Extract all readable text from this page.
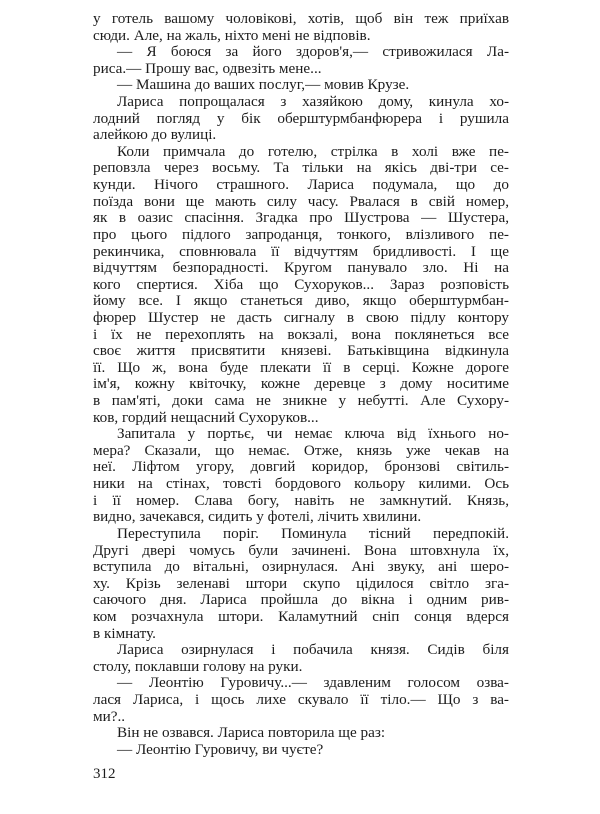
у готель вашому чоловікові, хотів, щоб він теж приїхав
сюди. Але, на жаль, ніхто мені не відповів.
— Я боюся за його здоров'я,— стривожилася Ла-
риса.— Прошу вас, одвезіть мене...
— Машина до ваших послуг,— мовив Крузе.
Лариса попрощалася з хазяйкою дому, кинула хо-
лодний погляд у бік оберштурмбанфюрера і рушила
алейкою до вулиці.
Коли примчала до готелю, стрілка в холі вже пе-
реповзла через восьму. Та тільки на якісь дві-три се-
кунди. Нічого страшного. Лариса подумала, що до
поїзда вони ще мають силу часу. Рвалася в свій номер,
як в оазис спасіння. Згадка про Шустрова — Шустера,
про цього підлого запроданця, тонкого, влізливого пе-
рекинчика, сповнювала її відчуттям бридливості. І ще
відчуттям безпорадності. Кругом панувало зло. Ні на
кого спертися. Хіба що Сухоруков... Зараз розповість
йому все. І якщо станеться диво, якщо оберштурмбан-
фюрер Шустер не дасть сигналу в свою підлу контору
і їх не перехоплять на вокзалі, вона поклянеться все
своє життя присвятити князеві. Батьківщина відкинула
її. Що ж, вона буде плекати її в серці. Кожне дороге
ім'я, кожну квіточку, кожне деревце з дому носитиме
в пам'яті, доки сама не зникне у небутті. Але Сухору-
ков, гордий нещасний Сухоруков...
Запитала у портьє, чи немає ключа від їхнього но-
мера? Сказали, що немає. Отже, князь уже чекав на
неї. Ліфтом угору, довгий коридор, бронзові світиль-
ники на стінах, товсті бордового кольору килими. Ось
і її номер. Слава богу, навіть не замкнутий. Князь,
видно, зачекався, сидить у фотелі, лічить хвилини.
Переступила поріг. Поминула тісний передпокій.
Другі двері чомусь були зачинені. Вона штовхнула їх,
вступила до вітальні, озирнулася. Ані звуку, ані шеро-
ху. Крізь зеленаві штори скупо цідилося світло зга-
саючого дня. Лариса пройшла до вікна і одним рив-
ком розчахнула штори. Каламутний сніп сонця вдерся
в кімнату.
Лариса озирнулася і побачила князя. Сидів біля
столу, поклавши голову на руки.
— Леонтію Гуровичу...— здавленим голосом озва-
лася Лариса, і щось лихе скувало її тіло.— Що з ва-
ми?..
Він не озвався. Лариса повторила ще раз:
— Леонтію Гуровичу, ви чуєте?
312
